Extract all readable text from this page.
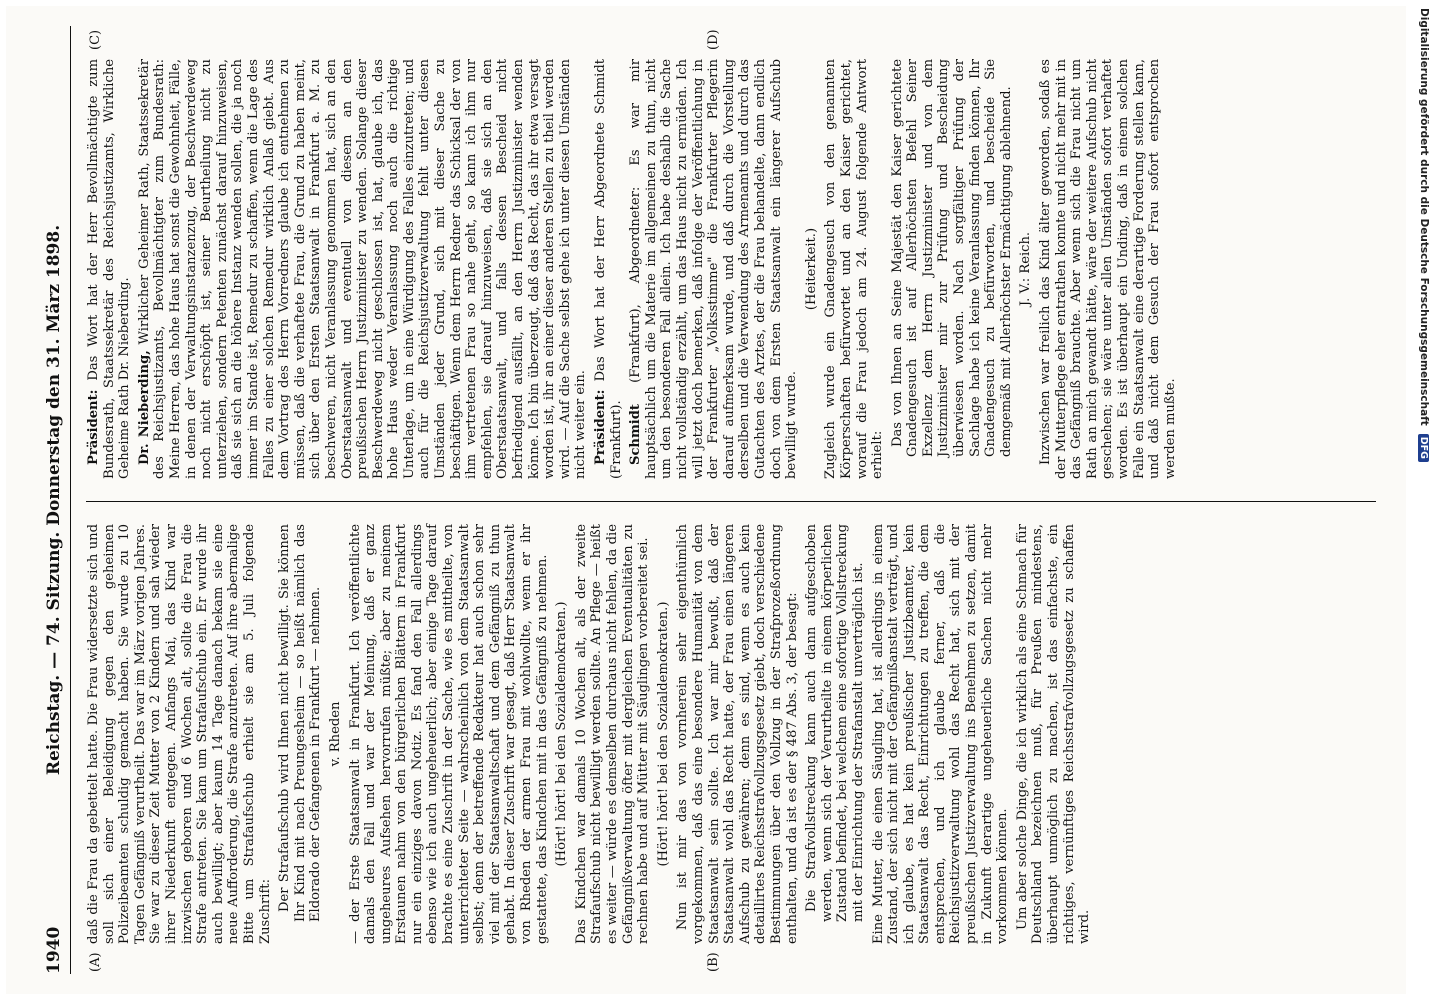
1940
Reichstag. — 74. Sitzung. Donnerstag den 31. März 1898.
(A)	(B)
(C)	(D)

daß die Frau da gebettelt hatte. Die Frau widersetzte sich und soll sich einer Beleidigung gegen den geheimen Polizeibeamten schuldig gemacht haben. Sie wurde zu 10 Tagen Gefängniß verurtheilt. Das war im März vorigen Jahres. Sie war zu dieser Zeit Mutter von 2 Kindern und sah wieder ihrer Niederkunft entgegen. Anfangs Mai, das Kind war inzwischen geboren und 6 Wochen alt, sollte die Frau die Strafe antreten. Sie kam um Strafaufschub ein. Er wurde ihr auch bewilligt; aber kaum 14 Tage danach bekam sie eine neue Aufforderung, die Strafe anzutreten. Auf ihre abermalige Bitte um Strafaufschub erhielt sie am 5. Juli folgende Zuschrift: Der Strafaufschub wird Ihnen nicht bewilligt. Sie können Ihr Kind mit nach Preungesheim — so heißt nämlich das Eldorado der Gefangenen in Frankfurt — nehmen. v. Rheden — der Erste Staatsanwalt in Frankfurt. Ich veröffentlichte damals den Fall und war der Meinung, daß er ganz ungeheures Aufsehen hervorrufen müßte; aber zu meinem Erstaunen nahm von den bürgerlichen Blättern in Frankfurt nur ein einziges davon Notiz. Es fand den Fall allerdings ebenso wie ich auch ungeheuerlich; aber einige Tage darauf brachte es eine Zuschrift in der Sache, wie es mittheilte, von unterrichteter Seite — wahrscheinlich von dem Staatsanwalt selbst; denn der betreffende Redakteur hat auch schon sehr viel mit der Staatsanwaltschaft und dem Gefängniß zu thun gehabt. In dieser Zuschrift war gesagt, daß Herr Staatsanwalt von Rheden der armen Frau mit wohlwollte, wenn er ihr gestattete, das Kindchen mit in das Gefängniß zu nehmen. (Hört! hört! bei den Sozialdemokraten.) Das Kindchen war damals 10 Wochen alt, als der zweite Strafaufschub nicht bewilligt werden sollte. An Pflege — heißt es weiter — würde es demselben durchaus nicht fehlen, da die Gefängnißverwaltung öfter mit dergleichen Eventualitäten zu rechnen habe und auf Mütter mit Säuglingen vorbereitet sei. (Hört! hört! bei den Sozialdemokraten.) Nun ist mir das von vornherein sehr eigenthümlich vorgekommen, daß das eine besondere Humanität von dem Staatsanwalt sein sollte. Ich war mir bewußt, daß der Staatsanwalt wohl das Recht hatte, der Frau einen längeren Aufschub zu gewähren; denn es sind, wenn es auch kein detaillirtes Reichsstrafvollzugsgesetz giebt, doch verschiedene Bestimmungen über den Vollzug in der Strafprozeßordnung enthalten, und da ist es der § 487 Abs. 3, der besagt: Die Strafvollstreckung kann auch dann aufgeschoben werden, wenn sich der Verurtheilte in einem körperlichen Zustand befindet, bei welchem eine sofortige Vollstreckung mit der Einrichtung der Strafanstalt unverträglich ist. Eine Mutter, die einen Säugling hat, ist allerdings in einem Zustand, der sich nicht mit der Gefängnißanstalt verträgt, und ich glaube, es hat kein preußischer Justizbeamter, kein Staatsanwalt das Recht, Einrichtungen zu treffen, die dem entsprechen, und ich glaube ferner, daß die Reichsjustizverwaltung wohl das Recht hat, sich mit der preußischen Justizverwaltung ins Benehmen zu setzen, damit in Zukunft derartige ungeheuerliche Sachen nicht mehr vorkommen können. Um aber solche Dinge, die ich wirklich als eine Schmach für Deutschland bezeichnen muß, für Preußen mindestens, überhaupt unmöglich zu machen, ist das einfachste, ein richtiges, vernünftiges Reichsstrafvollzugsgesetz zu schaffen wird.

Präsident: Das Wort hat der Herr Bevollmächtigte zum Bundesrath, Staatssekretär des Reichsjustizamts, Wirkliche Geheime Rath Dr. Nieberding. Dr. Nieberding, Wirklicher Geheimer Rath, Staatssekretär des Reichsjustizamts, Bevollmächtigter zum Bundesrath: Meine Herren, das hohe Haus hat sonst die Gewohnheit, Fälle, in denen der Verwaltungsinstanzenzug, der Beschwerdeweg noch nicht erschöpft ist, seiner Beurtheilung nicht zu unterziehen, sondern Petenten zunächst darauf hinzuweisen, daß sie sich an die höhere Instanz wenden sollen, die ja noch immer im Stande ist, Remedur zu schaffen, wenn die Lage des Falles zu einer solchen Remedur wirklich Anlaß giebt. Aus dem Vortrag des Herrn Vorredners glaube ich entnehmen zu müssen, daß die verhaftete Frau, die Grund zu haben meint, sich über den Ersten Staatsanwalt in Frankfurt a. M. zu beschweren, nicht Veranlassung genommen hat, sich an den Oberstaatsanwalt und eventuell von diesem an den preußischen Herrn Justizminister zu wenden. Solange dieser Beschwerdeweg nicht geschlossen ist, hat, glaube ich, das hohe Haus weder Veranlassung noch auch die richtige Unterlage, um in eine Würdigung des Falles einzutreten; und auch für die Reichsjustizverwaltung fehlt unter diesen Umständen jeder Grund, sich mit dieser Sache zu beschäftigen. Wenn dem Herrn Redner das Schicksal der von ihm vertretenen Frau so nahe geht, so kann ich ihm nur empfehlen, sie darauf hinzuweisen, daß sie sich an den Oberstaatsanwalt, und falls dessen Bescheid nicht befriedigend ausfällt, an den Herrn Justizminister wenden könne. Ich bin überzeugt, daß das Recht, das ihr etwa versagt worden ist, ihr an einer dieser anderen Stellen zu theil werden wird. — Auf die Sache selbst gehe ich unter diesen Umständen nicht weiter ein. Präsident: Das Wort hat der Herr Abgeordnete Schmidt (Frankfurt). Schmidt (Frankfurt), Abgeordneter: Es war mir hauptsächlich um die Materie im allgemeinen zu thun, nicht um den besonderen Fall allein. Ich habe deshalb die Sache nicht vollständig erzählt, um das Haus nicht zu ermüden. Ich will jetzt doch bemerken, daß infolge der Veröffentlichung in der Frankfurter „Volksstimme" die Frankfurter Pflegerin darauf aufmerksam wurde, und daß durch die Vorstellung derselben und die Verwendung des Armenamts und durch das Gutachten des Arztes, der die Frau behandelte, dann endlich doch von dem Ersten Staatsanwalt ein längerer Aufschub bewilligt wurde.

(Heiterkeit.) Zugleich wurde ein Gnadengesuch von den genannten Körperschaften befürwortet und an den Kaiser gerichtet, worauf die Frau jedoch am 24. August folgende Antwort erhielt:

Das von Ihnen an Seine Majestät den Kaiser gerichtete Gnadengesuch ist auf Allerhöchsten Befehl Seiner Exzellenz dem Herrn Justizminister und von dem Justizminister mir zur Prüfung und Bescheidung überwiesen worden. Nach sorgfältiger Prüfung der Sachlage habe ich keine Veranlassung finden können, Ihr Gnadengesuch zu befürworten, und bescheide Sie demgemäß mit Allerhöchster Ermächtigung ablehnend. J. V.: Reich. Inzwischen war freilich das Kind älter geworden, sodaß es der Mutterpflege eher entrathen konnte und nicht mehr mit in das Gefängniß brauchte. Aber wenn sich die Frau nicht um Rath an mich gewandt hätte, wäre der weitere Aufschub nicht geschehen; sie wäre unter allen Umständen sofort verhaftet worden. Es ist überhaupt ein Unding, daß in einem solchen Falle ein Staatsanwalt eine derartige Forderung stellen kann, und daß nicht dem Gesuch der Frau sofort entsprochen werden mußte.

Digitalisierung gefördert durch die Deutsche ForschungsgemeinschaftDFG
